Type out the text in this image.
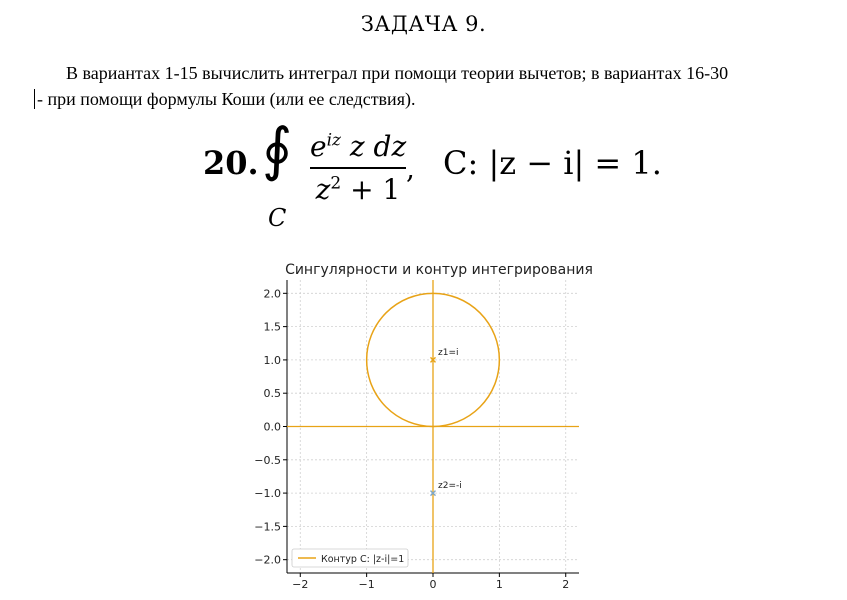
ЗАДАЧА 9.
В вариантах 1-15 вычислить интеграл при помощи теории вычетов; в вариантах 16-30
- при помощи формулы Коши (или ее следствия).
20. ∮
C
$e^{iz}$ z dz
$z^2 + 1$
, C: |z − i| = 1.
Сингулярности и контур интегрирования
−2	−1	0	1	2
−2.0
−1.5
−1.0
−0.5
0.0
0.5
1.0
1.5
2.0
z1=i
z2=-i
Контур C: |z-i|=1
